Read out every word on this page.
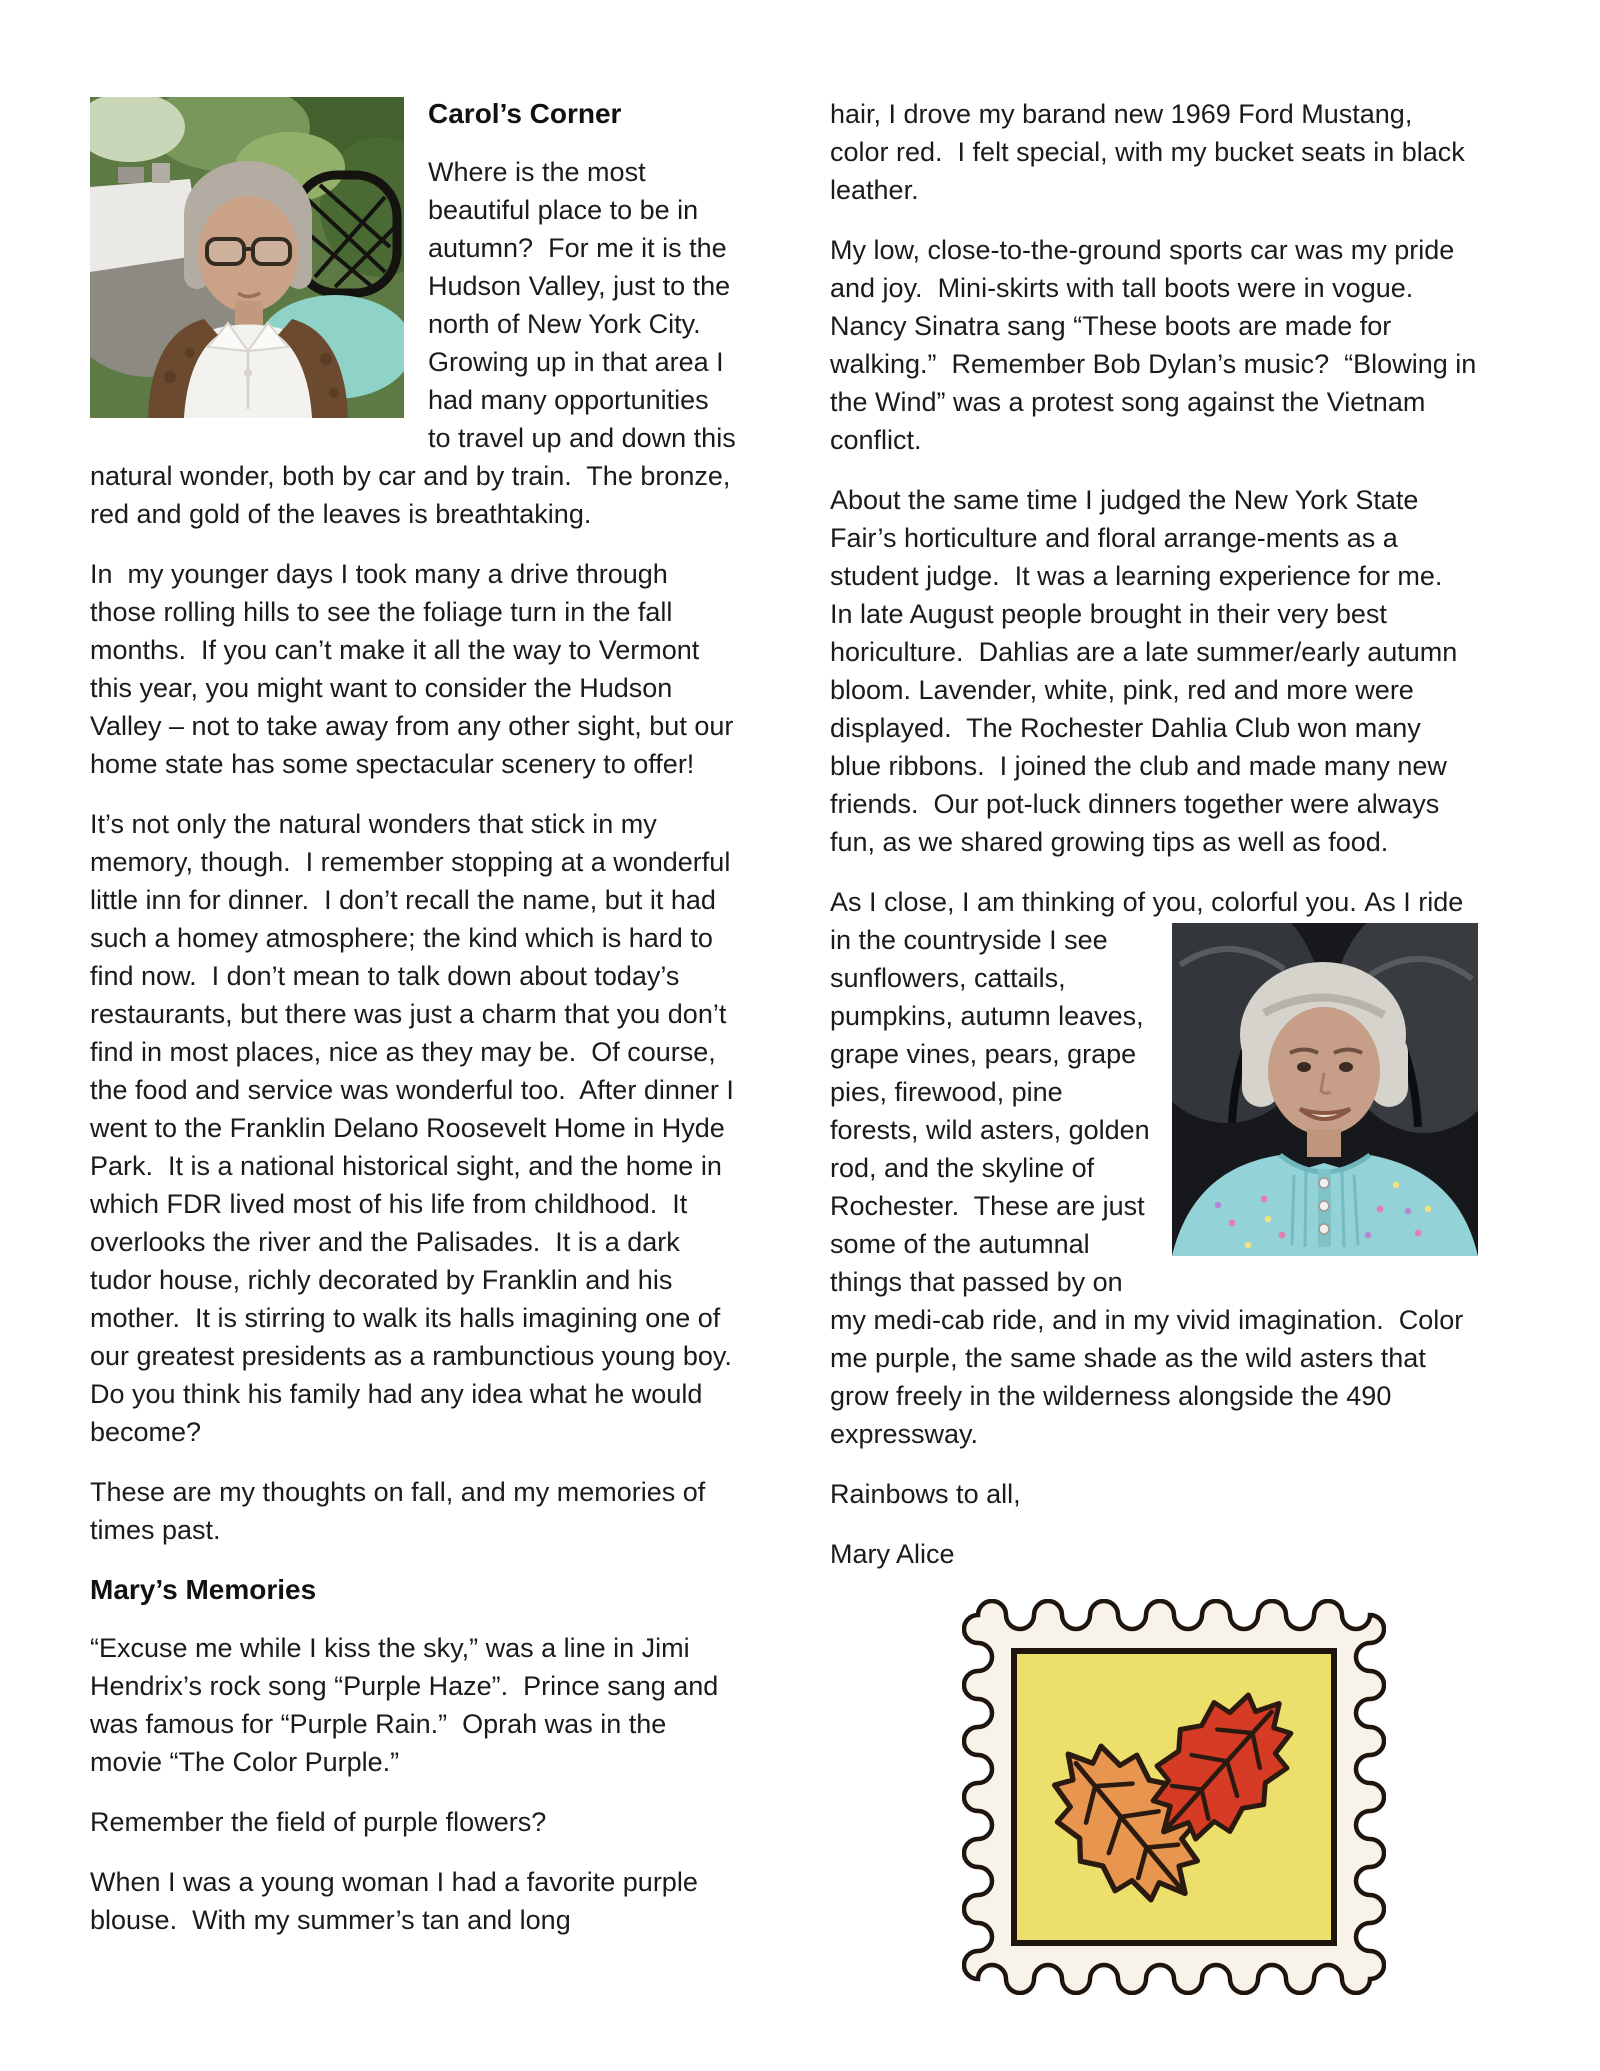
Carol’s Corner

Where is the most beautiful place to be in autumn?  For me it is the Hudson Valley, just to the north of New York City. Growing up in that area I had many opportunities to travel up and down this natural wonder, both by car and by train.  The bronze, red and gold of the leaves is breathtaking.

In  my younger days I took many a drive through those rolling hills to see the foliage turn in the fall months.  If you can’t make it all the way to Vermont this year, you might want to consider the Hudson Valley – not to take away from any other sight, but our home state has some spectacular scenery to offer!

It’s not only the natural wonders that stick in my memory, though.  I remember stopping at a wonderful little inn for dinner.  I don’t recall the name, but it had such a homey atmosphere; the kind which is hard to find now.  I don’t mean to talk down about today’s restaurants, but there was just a charm that you don’t find in most places, nice as they may be.  Of course, the food and service was wonderful too.  After dinner I went to the Franklin Delano Roosevelt Home in Hyde Park.  It is a national historical sight, and the home in which FDR lived most of his life from childhood.  It overlooks the river and the Palisades.  It is a dark tudor house, richly decorated by Franklin and his mother.  It is stirring to walk its halls imagining one of our greatest presidents as a rambunctious young boy.  Do you think his family had any idea what he would become?

These are my thoughts on fall, and my memories of times past.

Mary’s Memories

“Excuse me while I kiss the sky,” was a line in Jimi Hendrix’s rock song “Purple Haze”.  Prince sang and was famous for “Purple Rain.”  Oprah was in the movie “The Color Purple.”

Remember the field of purple flowers?

When I was a young woman I had a favorite purple blouse.  With my summer’s tan and long

hair, I drove my barand new 1969 Ford Mustang, color red.  I felt special, with my bucket seats in black leather.

My low, close-to-the-ground sports car was my pride and joy.  Mini-skirts with tall boots were in vogue.  Nancy Sinatra sang “These boots are made for walking.”  Remember Bob Dylan’s music?  “Blowing in the Wind” was a protest song against the Vietnam conflict.

About the same time I judged the New York State Fair’s horticulture and floral arrange-ments as a student judge.  It was a learning experience for me.  In late August people brought in their very best horiculture.  Dahlias are a late summer/early autumn bloom. Lavender, white, pink, red and more were displayed.  The Rochester Dahlia Club won many blue ribbons.  I joined the club and made many new friends.  Our pot-luck dinners together were always fun, as we shared growing tips as well as food.

As I close, I am thinking of you, colorful you. As I ride in the countryside I see sunflowers, cattails, pumpkins, autumn leaves, grape vines, pears, grape pies, firewood, pine forests, wild asters, golden rod, and the skyline of Rochester.  These are just some of the autumnal things that passed by on my medi-cab ride, and in my vivid imagination.  Color me purple, the same shade as the wild asters that grow freely in the wilderness alongside the 490 expressway.

Rainbows to all,

Mary Alice
